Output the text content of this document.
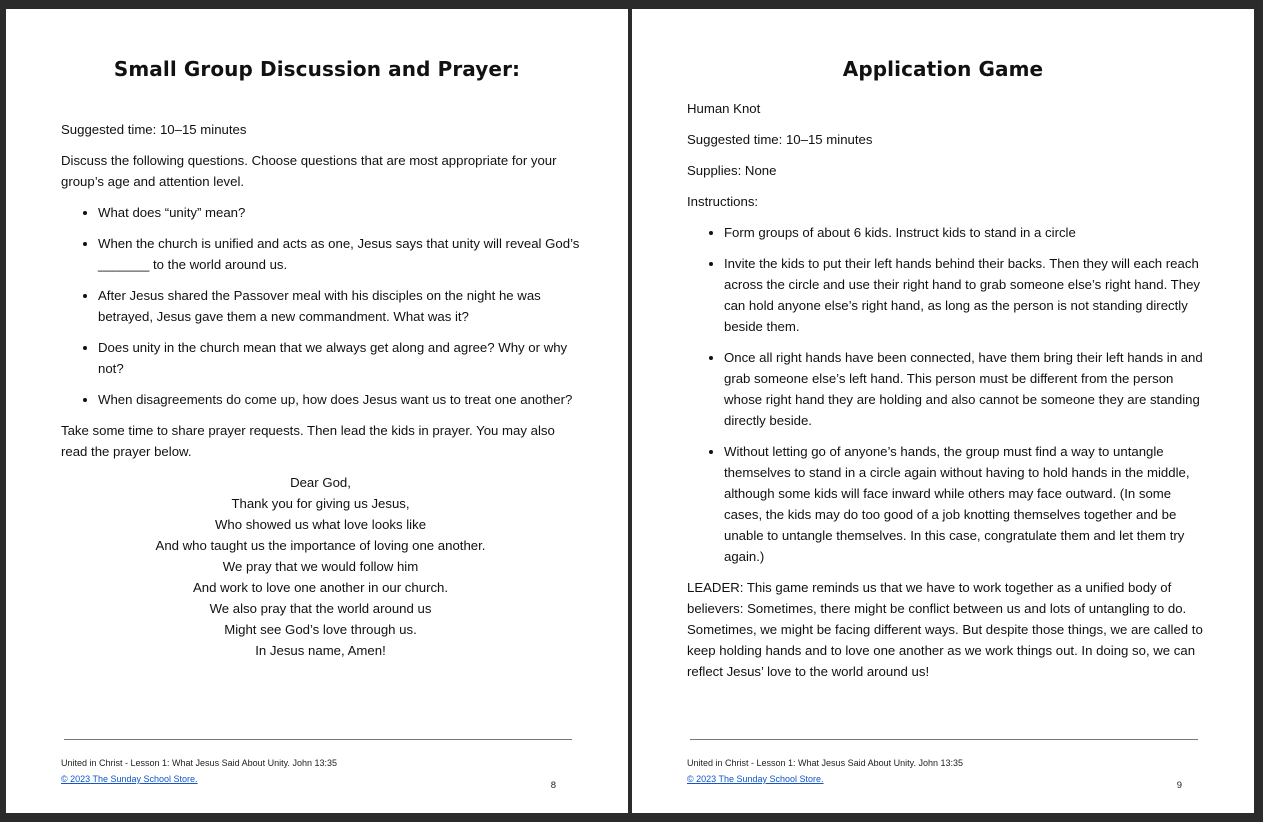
Small Group Discussion and Prayer:

Suggested time: 10–15 minutes

Discuss the following questions. Choose questions that are most appropriate for your group’s age and attention level.

• What does “unity” mean?
• When the church is unified and acts as one, Jesus says that unity will reveal God’s _______ to the world around us.
• After Jesus shared the Passover meal with his disciples on the night he was betrayed, Jesus gave them a new commandment. What was it?
• Does unity in the church mean that we always get along and agree? Why or why not?
• When disagreements do come up, how does Jesus want us to treat one another?

Take some time to share prayer requests. Then lead the kids in prayer. You may also read the prayer below.

Dear God,
Thank you for giving us Jesus,
Who showed us what love looks like
And who taught us the importance of loving one another.
We pray that we would follow him
And work to love one another in our church.
We also pray that the world around us
Might see God’s love through us.
In Jesus name, Amen!
United in Christ - Lesson 1: What Jesus Said About Unity. John 13:35
© 2023 The Sunday School Store.
8
Application Game

Human Knot

Suggested time: 10–15 minutes

Supplies: None

Instructions:

• Form groups of about 6 kids. Instruct kids to stand in a circle
• Invite the kids to put their left hands behind their backs. Then they will each reach across the circle and use their right hand to grab someone else’s right hand. They can hold anyone else’s right hand, as long as the person is not standing directly beside them.
• Once all right hands have been connected, have them bring their left hands in and grab someone else’s left hand. This person must be different from the person whose right hand they are holding and also cannot be someone they are standing directly beside.
• Without letting go of anyone’s hands, the group must find a way to untangle themselves to stand in a circle again without having to hold hands in the middle, although some kids will face inward while others may face outward. (In some cases, the kids may do too good of a job knotting themselves together and be unable to untangle themselves. In this case, congratulate them and let them try again.)

LEADER: This game reminds us that we have to work together as a unified body of believers: Sometimes, there might be conflict between us and lots of untangling to do. Sometimes, we might be facing different ways. But despite those things, we are called to keep holding hands and to love one another as we work things out. In doing so, we can reflect Jesus’ love to the world around us!

United in Christ - Lesson 1: What Jesus Said About Unity. John 13:35
© 2023 The Sunday School Store.
9
